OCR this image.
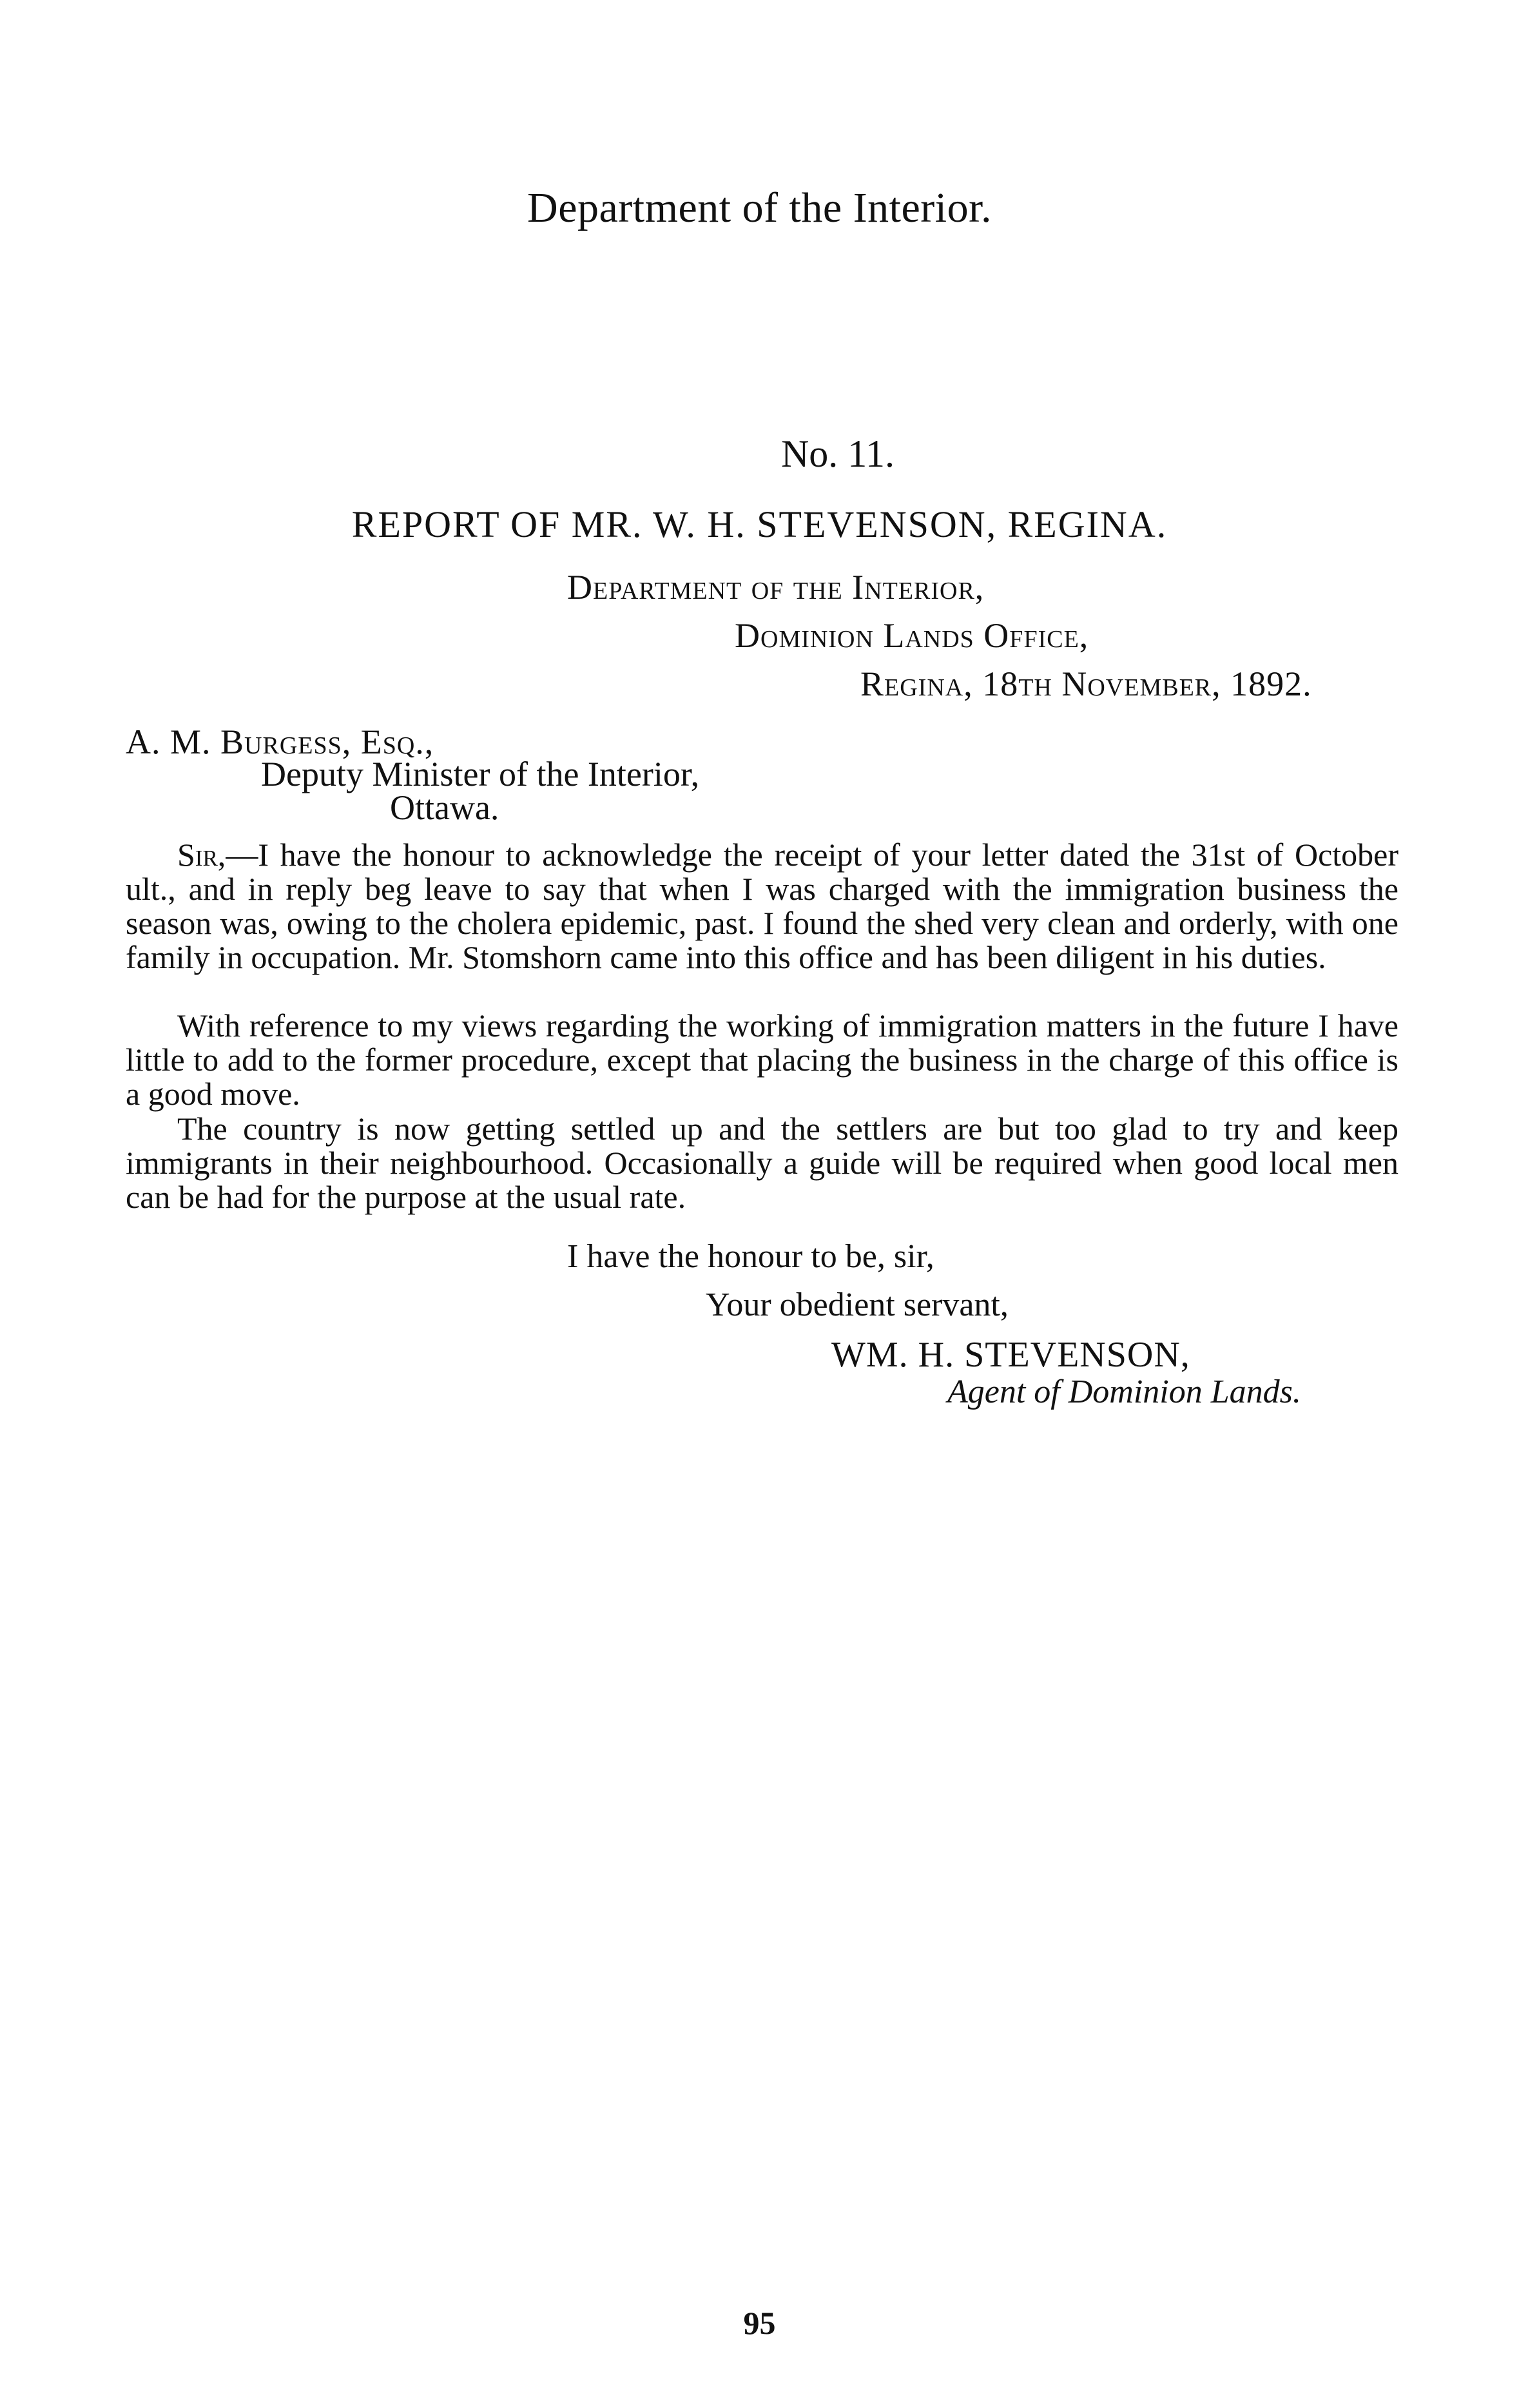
Department of the Interior.
No. 11.
REPORT OF MR. W. H. STEVENSON, REGINA.
Department of the Interior,
Dominion Lands Office,
Regina, 18th November, 1892.
A. M. Burgess, Esq.,
Deputy Minister of the Interior,
Ottawa.

Sir,—I have the honour to acknowledge the receipt of your letter dated the 31st of October ult., and in reply beg leave to say that when I was charged with the immigration business the season was, owing to the cholera epidemic, past. I found the shed very clean and orderly, with one family in occupation. Mr. Stomshorn came into this office and has been diligent in his duties.

With reference to my views regarding the working of immigration matters in the future I have little to add to the former procedure, except that placing the business in the charge of this office is a good move.

The country is now getting settled up and the settlers are but too glad to try and keep immigrants in their neighbourhood. Occasionally a guide will be required when good local men can be had for the purpose at the usual rate.

I have the honour to be, sir,
Your obedient servant,
WM. H. STEVENSON,
Agent of Dominion Lands.
95
